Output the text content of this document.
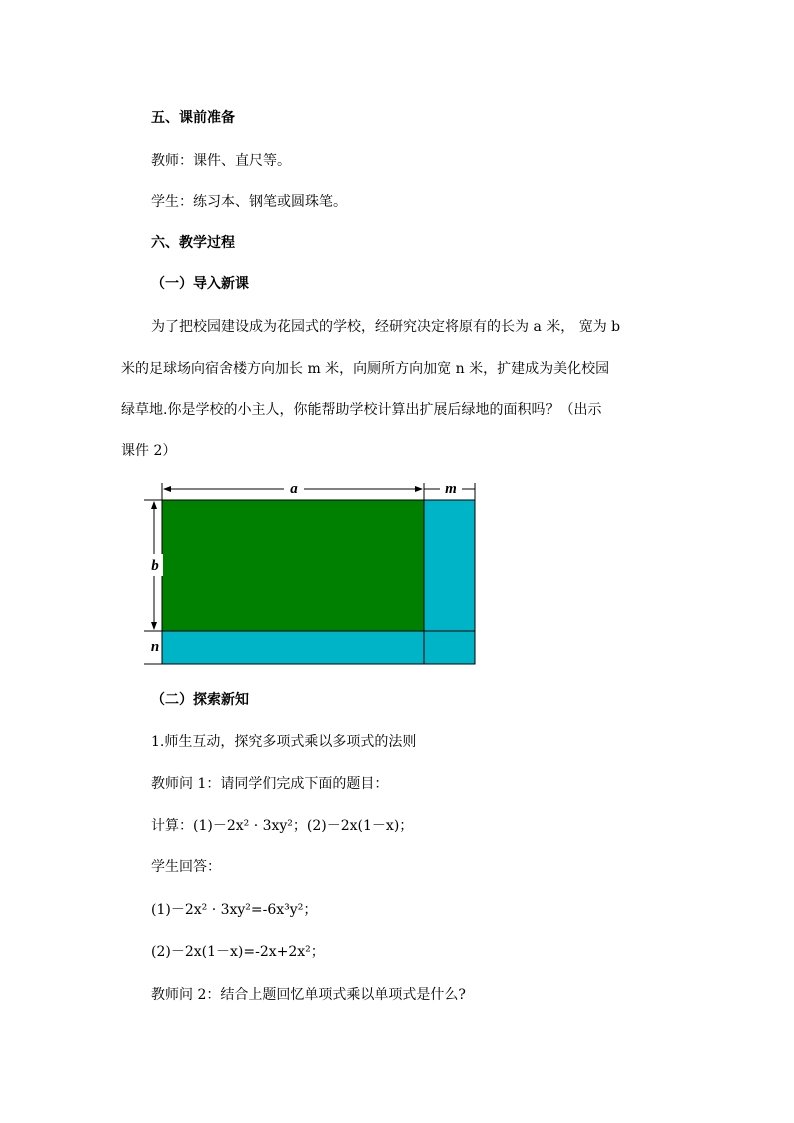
五、课前准备
教师：课件、直尺等。
学生：练习本、钢笔或圆珠笔。
六、教学过程
（一）导入新课
为了把校园建设成为花园式的学校，经研究决定将原有的长为 a 米， 宽为 b
米的足球场向宿舍楼方向加长 m 米，向厕所方向加宽 n 米，扩建成为美化校园
绿草地.你是学校的小主人，你能帮助学校计算出扩展后绿地的面积吗？（出示
课件 2）
a	m
b
n
（二）探索新知
1.师生互动，探究多项式乘以多项式的法则
教师问 1：请同学们完成下面的题目：
计算：(1)－2x² · 3xy²；(2)－2x(1－x)；
学生回答：
(1)－2x² · 3xy²=-6x³y²；
(2)－2x(1－x)=-2x+2x²；
教师问 2：结合上题回忆单项式乘以单项式是什么?
